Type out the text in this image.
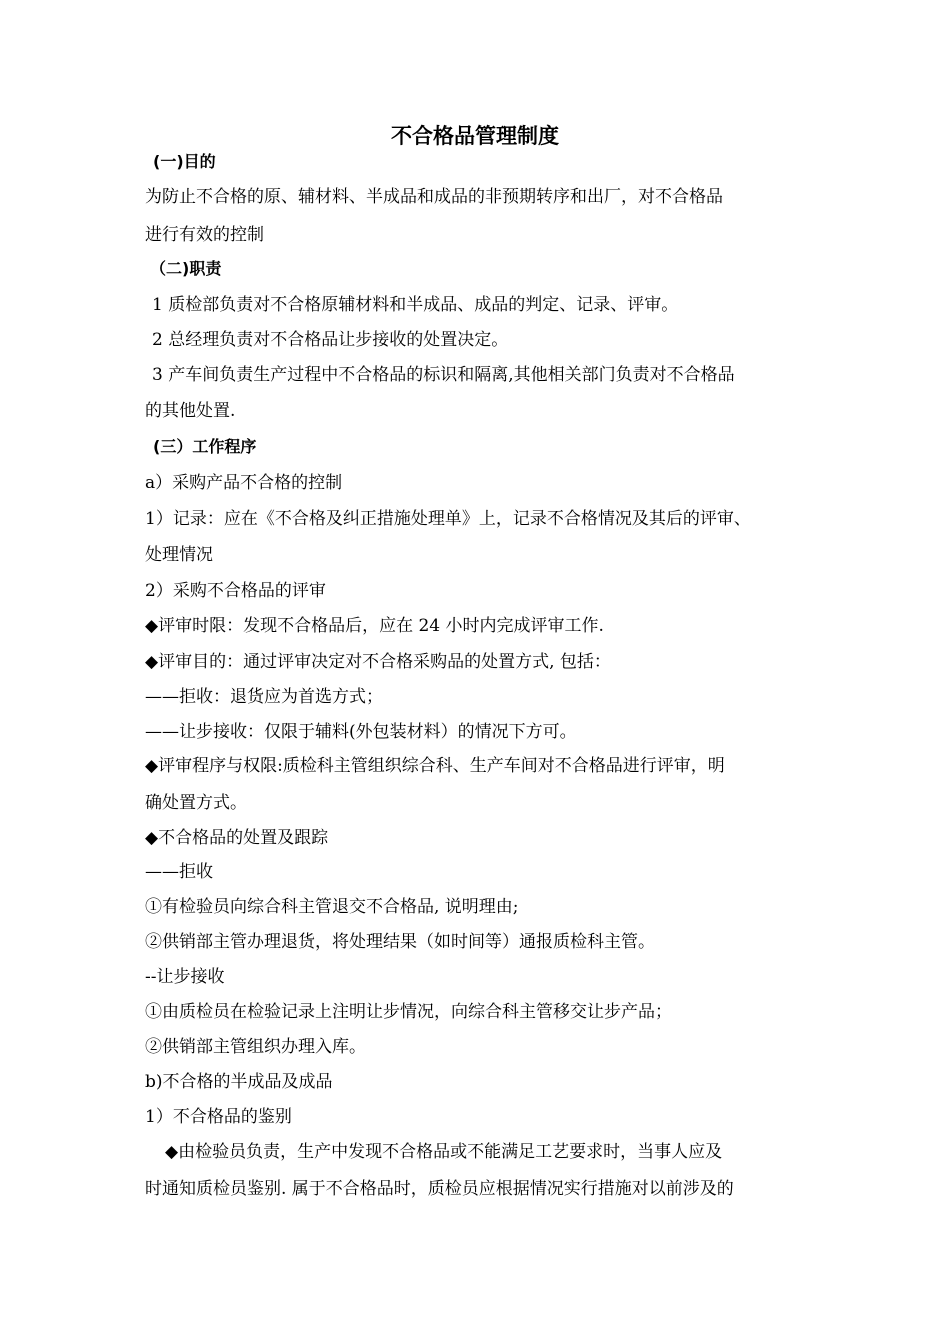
不合格品管理制度
(一)目的
为防止不合格的原、辅材料、半成品和成品的非预期转序和出厂，对不合格品
进行有效的控制
（二)职责
1 质检部负责对不合格原辅材料和半成品、成品的判定、记录、评审。
2 总经理负责对不合格品让步接收的处置决定。
3 产车间负责生产过程中不合格品的标识和隔离,其他相关部门负责对不合格品
的其他处置.
(三）工作程序
a）采购产品不合格的控制
1）记录：应在《不合格及纠正措施处理单》上，记录不合格情况及其后的评审、
处理情况
2）采购不合格品的评审
◆评审时限：发现不合格品后，应在 24 小时内完成评审工作.
◆评审目的：通过评审决定对不合格采购品的处置方式, 包括：
——拒收：退货应为首选方式；
——让步接收：仅限于辅料(外包装材料）的情况下方可。
◆评审程序与权限:质检科主管组织综合科、生产车间对不合格品进行评审，明
确处置方式。
◆不合格品的处置及跟踪
——拒收
①有检验员向综合科主管退交不合格品, 说明理由;
②供销部主管办理退货，将处理结果（如时间等）通报质检科主管。
--让步接收
①由质检员在检验记录上注明让步情况，向综合科主管移交让步产品；
②供销部主管组织办理入库。
b)不合格的半成品及成品
1）不合格品的鉴别
◆由检验员负责，生产中发现不合格品或不能满足工艺要求时，当事人应及
时通知质检员鉴别. 属于不合格品时，质检员应根据情况实行措施对以前涉及的
